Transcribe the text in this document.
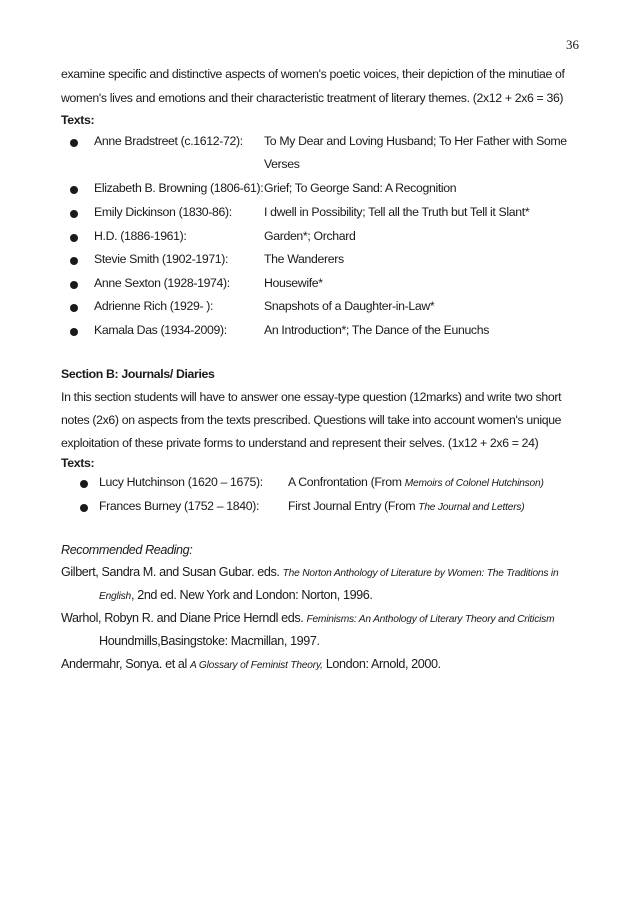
36
examine specific and distinctive aspects of women's poetic voices, their depiction of the minutiae of
women's lives and emotions and their characteristic treatment of literary themes. (2x12 + 2x6 = 36)
Texts:
Anne Bradstreet (c.1612-72): To My Dear and Loving Husband; To Her Father with Some
Verses
Elizabeth B. Browning (1806-61): Grief; To George Sand: A Recognition
Emily Dickinson (1830-86):	I dwell in Possibility; Tell all the Truth but Tell it Slant*
H.D. (1886-1961):	Garden*; Orchard
Stevie Smith (1902-1971):	The Wanderers
Anne Sexton (1928-1974):	Housewife*
Adrienne Rich (1929- ):	Snapshots of a Daughter-in-Law*
Kamala Das (1934-2009):	An Introduction*; The Dance of the Eunuchs
Section B: Journals/ Diaries
In this section students will have to answer one essay-type question (12marks) and write two short
notes (2x6) on aspects from the texts prescribed. Questions will take into account women's unique
exploitation of these private forms to understand and represent their selves. (1x12 + 2x6 = 24)
Texts:
Lucy Hutchinson (1620 – 1675): A Confrontation (From Memoirs of Colonel Hutchinson)
Frances Burney (1752 – 1840): First Journal Entry (From The Journal and Letters)
Recommended Reading:
Gilbert, Sandra M. and Susan Gubar. eds. The Norton Anthology of Literature by Women: The Traditions in
English, 2nd ed. New York and London: Norton, 1996.
Warhol, Robyn R. and Diane Price Herndl eds. Feminisms: An Anthology of Literary Theory and Criticism
Houndmills,Basingstoke: Macmillan, 1997.
Andermahr, Sonya. et al A Glossary of Feminist Theory, London: Arnold, 2000.
